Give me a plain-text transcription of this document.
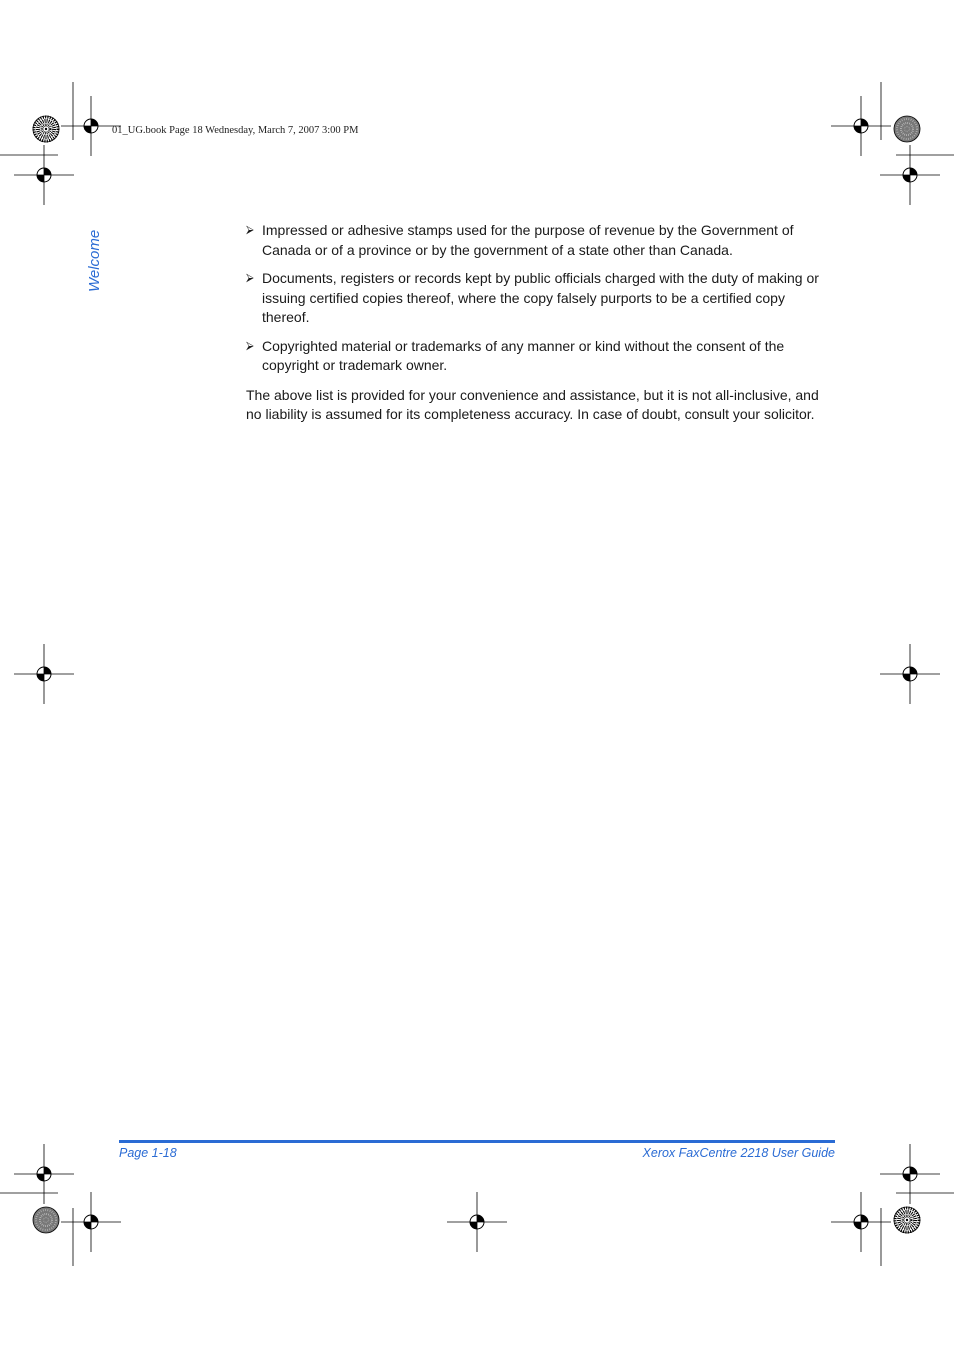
01_UG.book Page 18 Wednesday, March 7, 2007 3:00 PM
Welcome	⮚ Impressed or adhesive stamps used for the purpose of revenue by the Government of Canada or of a province or by the government of a state other than Canada.
⮚ Documents, registers or records kept by public officials charged with the duty of making or issuing certified copies thereof, where the copy falsely purports to be a certified copy thereof.
⮚ Copyrighted material or trademarks of any manner or kind without the consent of the copyright or trademark owner.

The above list is provided for your convenience and assistance, but it is not all-inclusive, and no liability is assumed for its completeness accuracy. In case of doubt, consult your solicitor.

Page 1-18	Xerox FaxCentre 2218 User Guide
